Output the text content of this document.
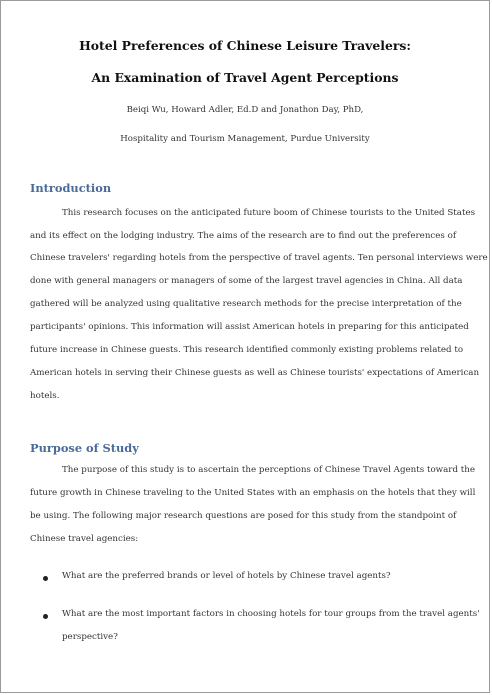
Hotel Preferences of Chinese Leisure Travelers:
An Examination of Travel Agent Perceptions
Beiqi Wu, Howard Adler, Ed.D and Jonathon Day, PhD,
Hospitality and Tourism Management, Purdue University
Introduction
This research focuses on the anticipated future boom of Chinese tourists to the United States
and its effect on the lodging industry. The aims of the research are to find out the preferences of
Chinese travelers' regarding hotels from the perspective of travel agents. Ten personal interviews were
done with general managers or managers of some of the largest travel agencies in China. All data
gathered will be analyzed using qualitative research methods for the precise interpretation of the
participants' opinions. This information will assist American hotels in preparing for this anticipated
future increase in Chinese guests. This research identified commonly existing problems related to
American hotels in serving their Chinese guests as well as Chinese tourists' expectations of American
hotels.
Purpose of Study
The purpose of this study is to ascertain the perceptions of Chinese Travel Agents toward the
future growth in Chinese traveling to the United States with an emphasis on the hotels that they will
be using. The following major research questions are posed for this study from the standpoint of
Chinese travel agencies:
What are the preferred brands or level of hotels by Chinese travel agents?
What are the most important factors in choosing hotels for tour groups from the travel agents'
perspective?
